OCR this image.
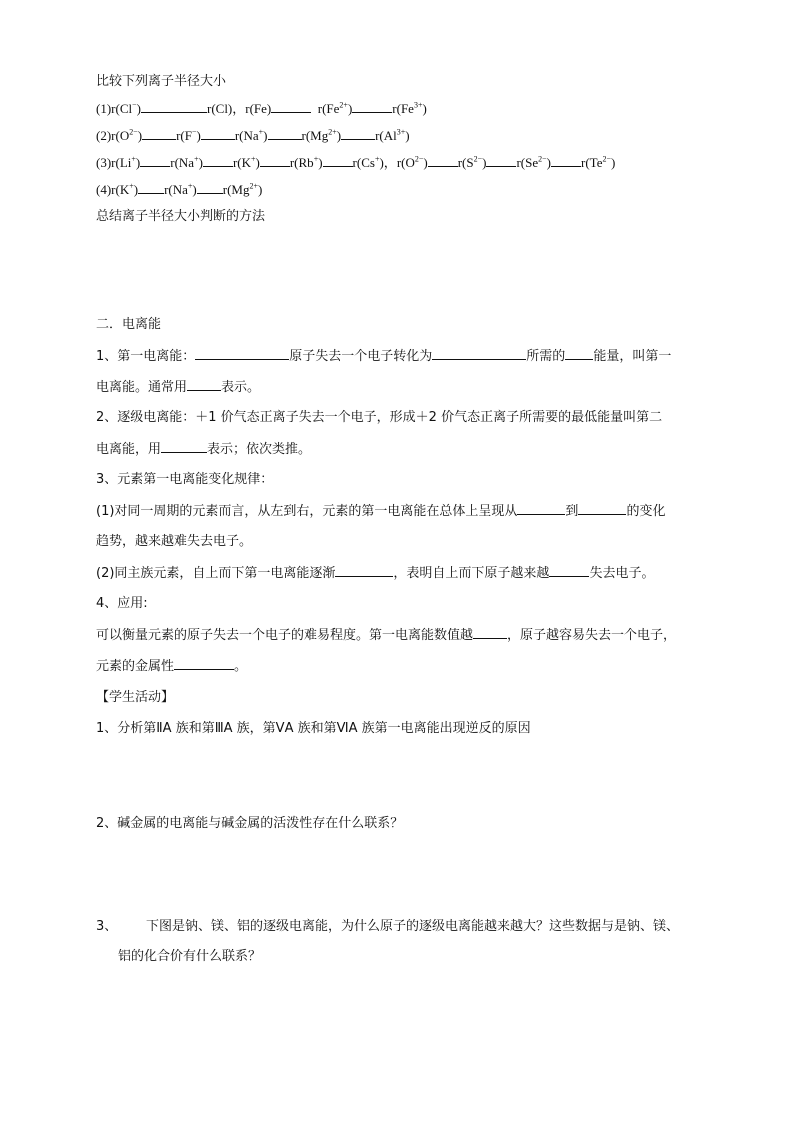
比较下列离子半径大小
(1)r(Cl−)	r(Cl)，r(Fe)	$r(Fe^{2+})$	$r(Fe^{3+})$
$(2)r(O^{2-})$	r(F−)	r(Na+)	$r(Mg^{2+})$	$r(Al^{3+})$
(3)r(Li+) r(Na+) r(K+) r(Rb+) r(Cs+)，$r(O^{2-})$ $r(S^{2-})$ $r(Se^{2-})$ $r(Te^{2-})$
(4)r(K+) r(Na+) $r(Mg^{2+})$
总结离子半径大小判断的方法
二．电离能
1、第一电离能：	原子失去一个电子转化为	所需的 能量，叫第一
电离能。通常用	表示。
2、逐级电离能：＋1 价气态正离子失去一个电子，形成＋2 价气态正离子所需要的最低能量叫第二
电离能，用	表示；依次类推。
3、元素第一电离能变化规律：
(1)对同一周期的元素而言，从左到右，元素的第一电离能在总体上呈现从	到	的变化
趋势，越来越难失去电子。
(2)同主族元素，自上而下第一电离能逐渐	，表明自上而下原子越来越	失去电子。
4、应用:
可以衡量元素的原子失去一个电子的难易程度。第一电离能数值越	，原子越容易失去一个电子，
元素的金属性	。
【学生活动】
1、分析第ⅡA 族和第ⅢA 族，第ⅤA 族和第ⅥA 族第一电离能出现逆反的原因
2、碱金属的电离能与碱金属的活泼性存在什么联系？
3、 下图是钠、镁、铝的逐级电离能，为什么原子的逐级电离能越来越大？这些数据与是钠、镁、
铝的化合价有什么联系？
